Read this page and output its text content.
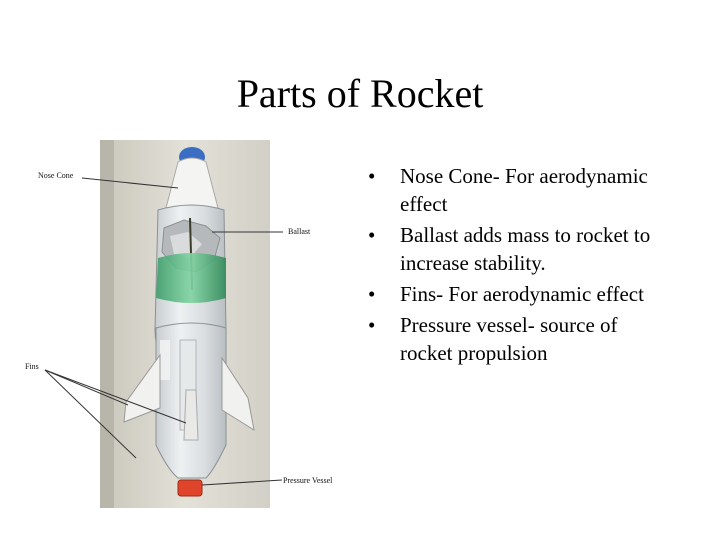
Parts of Rocket
Nose Cone
Ballast
Fins
Pressure Vessel
• Nose Cone- For aerodynamic effect
• Ballast adds mass to rocket to increase stability.
• Fins- For aerodynamic effect
• Pressure vessel- source of rocket propulsion
